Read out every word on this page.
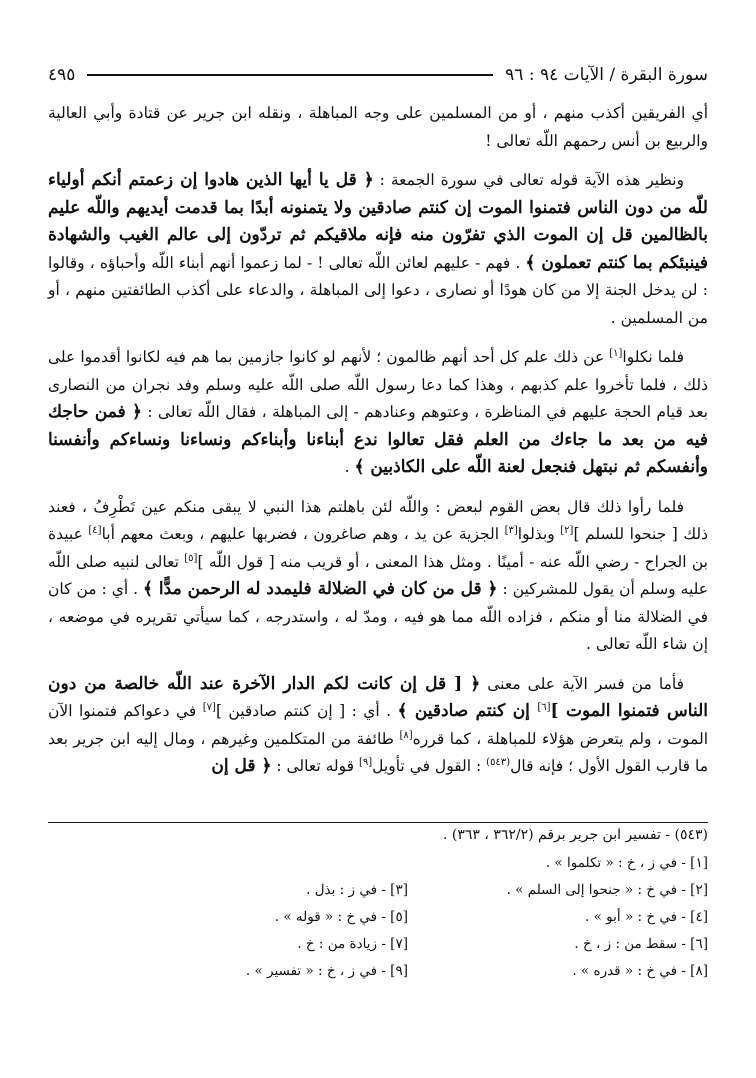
سورة البقرة / الآيات ٩٤ : ٩٦
٤٩٥

أي الفريقين أكذب منهم ، أو من المسلمين على وجه المباهلة ، ونقله ابن جرير عن قتادة وأبي العالية والربيع بن أنس رحمهم اللّه تعالى !

ونظير هذه الآية قوله تعالى في سورة الجمعة : ﴿ قل يا أيها الذين هادوا إن زعمتم أنكم أولياء للّه من دون الناس فتمنوا الموت إن كنتم صادقين ولا يتمنونه أبدًا بما قدمت أيديهم واللّه عليم بالظالمين قل إن الموت الذي تفرّون منه فإنه ملاقيكم ثم تردّون إلى عالم الغيب والشهادة فينبئكم بما كنتم تعملون ﴾ . فهم - عليهم لعائن اللّه تعالى ! - لما زعموا أنهم أبناء اللّه وأحباؤه ، وقالوا : لن يدخل الجنة إلا من كان هودًا أو نصارى ، دعوا إلى المباهلة ، والدعاء على أكذب الطائفتين منهم ، أو من المسلمين .

فلما نكلوا[١] عن ذلك علم كل أحد أنهم ظالمون ؛ لأنهم لو كانوا جازمين بما هم فيه لكانوا أقدموا على ذلك ، فلما تأخروا علم كذبهم ، وهذا كما دعا رسول اللّه صلى اللّه عليه وسلم وفد نجران من النصارى بعد قيام الحجة عليهم في المناظرة ، وعتوهم وعنادهم - إلى المباهلة ، فقال اللّه تعالى : ﴿ فمن حاجك فيه من بعد ما جاءك من العلم فقل تعالوا ندع أبناءنا وأبناءكم ونساءنا ونساءكم وأنفسنا وأنفسكم ثم نبتهل فنجعل لعنة اللّه على الكاذبين ﴾ .

فلما رأوا ذلك قال بعض القوم لبعض : واللّه لئن باهلتم هذا النبي لا يبقى منكم عين تَطْرِفُ ، فعند ذلك [ جنحوا للسلم ][٢] وبذلوا[٣] الجزية عن يد ، وهم صاغرون ، فضربها عليهم ، وبعث معهم أبا[٤] عبيدة بن الجراح - رضي اللّه عنه - أمينًا . ومثل هذا المعنى ، أو قريب منه [ قول اللّه ][٥] تعالى لنبيه صلى اللّه عليه وسلم أن يقول للمشركين : ﴿ قل من كان في الضلالة فليمدد له الرحمن مدًّا ﴾ . أي : من كان في الضلالة منا أو منكم ، فزاده اللّه مما هو فيه ، ومدّ له ، واستدرجه ، كما سيأتي تقريره في موضعه ، إن شاء اللّه تعالى .

فأما من فسر الآية على معنى ﴿ [ قل إن كانت لكم الدار الآخرة عند اللّه خالصة من دون الناس فتمنوا الموت ][٦] إن كنتم صادقين ﴾ . أي : [ إن كنتم صادقين ][٧] في دعواكم فتمنوا الآن الموت ، ولم يتعرض هؤلاء للمباهلة ، كما قرره[٨] طائفة من المتكلمين وغيرهم ، ومال إليه ابن جرير بعد ما قارب القول الأول ؛ فإنه قال$^{(٥٤٣)}$ : القول في تأويل[٩] قوله تعالى : ﴿ قل إن

(٥٤٣) - تفسير ابن جرير برقم (٣٦٢/٢ ، ٣٦٣) .
[١] - في ز ، خ : « تكلموا » .
[٢] - في خ : « جنحوا إلى السلم » .
[٣] - في ز : بذل .
[٤] - في خ : « أبو » .
[٥] - في خ : « قوله » .
[٦] - سقط من : ز ، خ .
[٧] - زيادة من : خ .
[٨] - في خ : « قدره » .
[٩] - في ز ، خ : « تفسير » .
